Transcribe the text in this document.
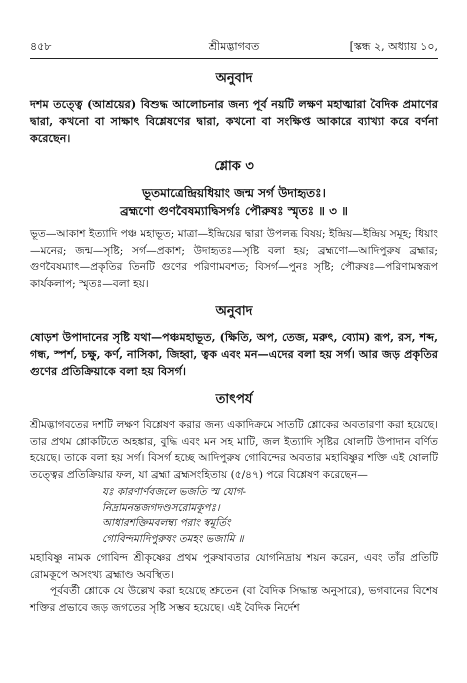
৪৫৮	শ্রীমদ্ভাগবত	[স্কন্ধ ২, অধ্যায় ১০,
অনুবাদ

দশম তত্ত্বে (আশ্রয়ের) বিশুদ্ধ আলোচনার জন্য পূর্ব নয়টি লক্ষণ মহাত্মারা বৈদিক প্রমাণের দ্বারা, কখনো বা সাক্ষাৎ বিশ্লেষণের দ্বারা, কখনো বা সংক্ষিপ্ত আকারে ব্যাখ্যা করে বর্ণনা করেছেন।

শ্লোক ৩

ভূতমাত্রেন্দ্রিয়ধিয়াং জন্ম সর্গ উদাহৃতঃ।

ব্রহ্মণো গুণবৈষম্যাদ্বিসর্গঃ পৌরুষঃ স্মৃতঃ ॥ ৩ ॥

ভূত—আকাশ ইত্যাদি পঞ্চ মহাভূত; মাত্রা—ইন্দ্রিয়ের দ্বারা উপলব্ধ বিষয়; ইন্দ্রিয়—ইন্দ্রিয় সমূহ; ধিয়াং—মনের; জন্ম—সৃষ্টি; সর্গ—প্রকাশ; উদাহৃতঃ—সৃষ্টি বলা হয়; ব্রহ্মণো—আদিপুরুষ ব্রহ্মার; গুণবৈষম্যাৎ—প্রকৃতির তিনটি গুণের পরিণামবশত; বিসর্গ—পুনঃ সৃষ্টি; পৌরুষঃ—পরিণামস্বরূপ কার্যকলাপ; স্মৃতঃ—বলা হয়।

অনুবাদ

ষোড়শ উপাদানের সৃষ্টি যথা—পঞ্চমহাভূত, (ক্ষিতি, অপ, তেজ, মরুৎ, ব্যোম) রূপ, রস, শব্দ, গন্ধ, স্পর্শ, চক্ষু, কর্ণ, নাসিকা, জিহ্বা, ত্বক এবং মন—এদের বলা হয় সর্গ। আর জড় প্রকৃতির গুণের প্রতিক্রিয়াকে বলা হয় বিসর্গ।

তাৎপর্য

শ্রীমদ্ভাগবতের দশটি লক্ষণ বিশ্লেষণ করার জন্য একাদিক্রমে সাতটি শ্লোকের অবতারণা করা হয়েছে। তার প্রথম শ্লোকটিতে অহঙ্কার, বুদ্ধি এবং মন সহ মাটি, জল ইত্যাদি সৃষ্টির ষোলটি উপাদান বর্ণিত হয়েছে। তাকে বলা হয় সর্গ। বিসর্গ হচ্ছে আদিপুরুষ গোবিন্দের অবতার মহাবিষ্ণুর শক্তি এই ষোলটি তত্ত্বের প্রতিক্রিয়ার ফল, যা ব্রহ্মা ব্রহ্মসংহিতায় (৫/৪৭) পরে বিশ্লেষণ করেছেন—

যঃ কারণার্ণবজলে ভজতি স্ম যোগ-
নিদ্রামনন্তজগদণ্ডসরোমকূপঃ।
আধারশক্তিমবলম্ব্য পরাং স্বমূর্তিং
গোবিন্দমাদিপুরুষং তমহং ভজামি ॥

মহাবিষ্ণু নামক গোবিন্দ শ্রীকৃষ্ণের প্রথম পুরুষাবতার যোগনিদ্রায় শয়ন করেন, এবং তাঁর প্রতিটি রোমকূপে অসংখ্য ব্রহ্মাণ্ড অবস্থিত।

পূর্ববর্তী শ্লোকে যে উল্লেখ করা হয়েছে শ্রুতেন (বা বৈদিক সিদ্ধান্ত অনুসারে), ভগবানের বিশেষ শক্তির প্রভাবে জড় জগতের সৃষ্টি সম্ভব হয়েছে। এই বৈদিক নির্দেশ
